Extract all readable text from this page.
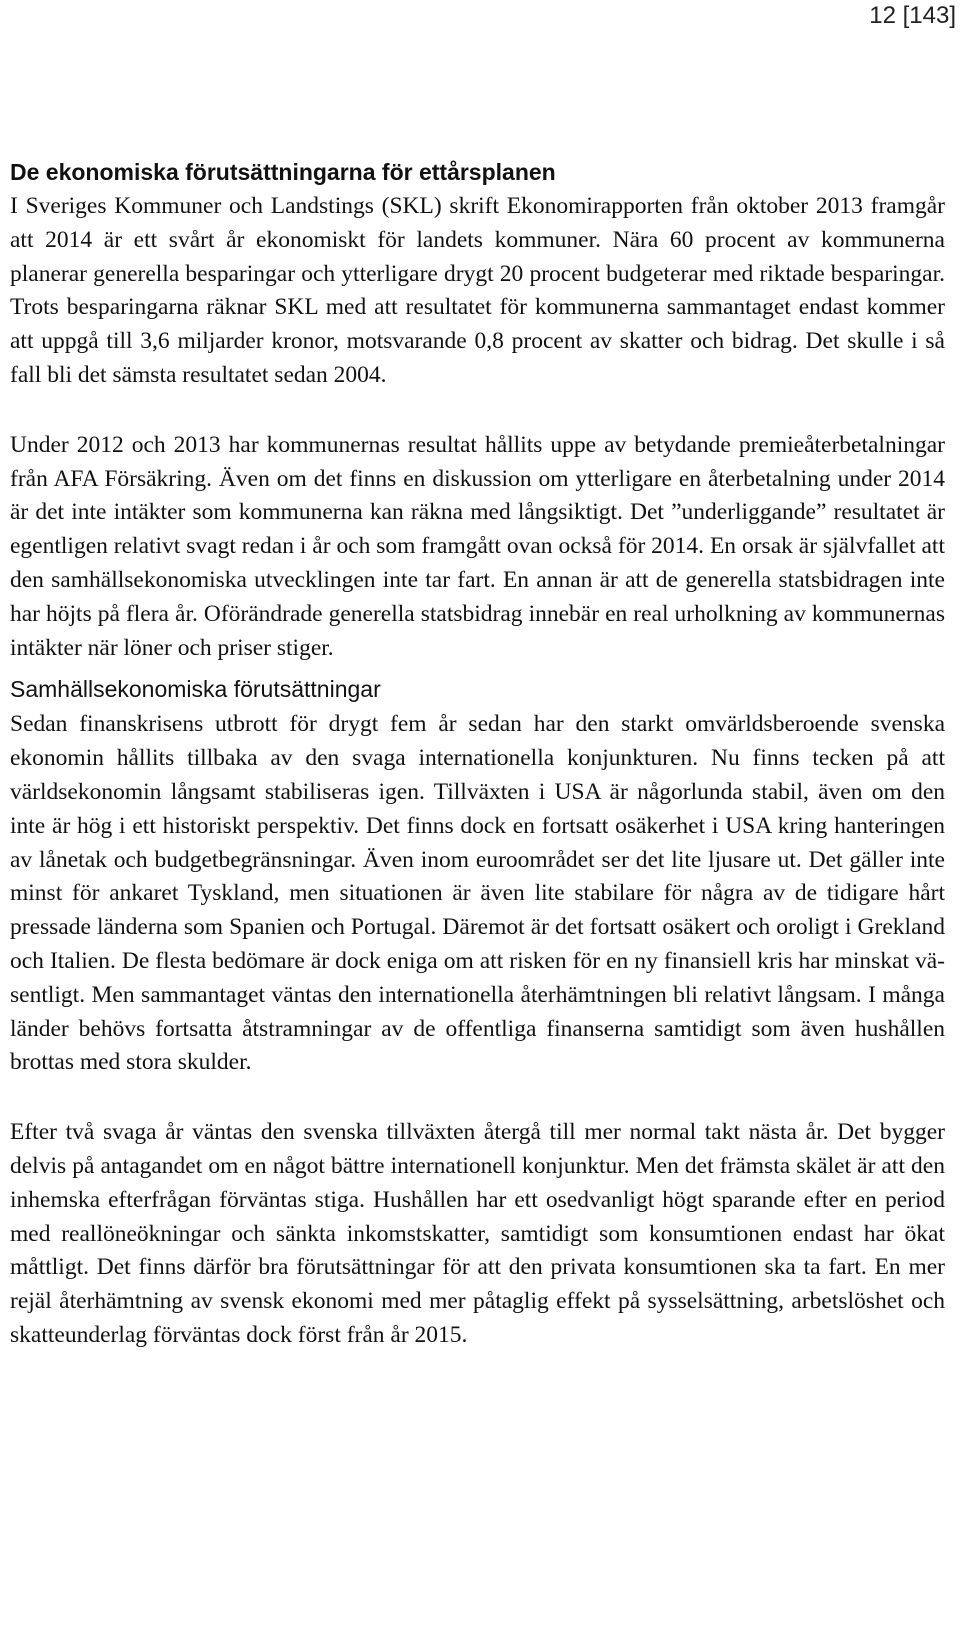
12 [143]
De ekonomiska förutsättningarna för ettårsplanen

I Sveriges Kommuner och Landstings (SKL) skrift Ekonomirapporten från oktober 2013 framgår att 2014 är ett svårt år ekonomiskt för landets kommuner. Nära 60 procent av kommunerna planerar generella besparingar och ytterligare drygt 20 procent budgeterar med riktade besparingar. Trots besparingarna räknar SKL med att resultatet för kommunerna sammantaget endast kommer att uppgå till 3,6 miljarder kronor, motsvarande 0,8 procent av skatter och bidrag. Det skulle i så fall bli det sämsta resultatet sedan 2004.

Under 2012 och 2013 har kommunernas resultat hållits uppe av betydande premieåterbetalningar från AFA Försäkring. Även om det finns en diskussion om ytterligare en återbetalning under 2014 är det inte intäkter som kommunerna kan räkna med långsiktigt. Det ”underliggande” resultatet är egentligen relativt svagt redan i år och som framgått ovan också för 2014. En orsak är självfallet att den samhällsekonomiska utvecklingen inte tar fart. En annan är att de generella statsbidragen inte har höjts på flera år. Oförändrade generella statsbidrag innebär en real urholkning av kommunernas intäkter när löner och priser stiger.

Samhällsekonomiska förutsättningar

Sedan finanskrisens utbrott för drygt fem år sedan har den starkt omvärldsberoende svenska ekonomin hållits tillbaka av den svaga internationella konjunkturen. Nu finns tecken på att världsekonomin långsamt stabiliseras igen. Tillväxten i USA är någorlunda stabil, även om den inte är hög i ett historiskt perspektiv. Det finns dock en fortsatt osäkerhet i USA kring hanteringen av lånetak och budgetbegränsningar. Även inom euroområdet ser det lite ljusare ut. Det gäller inte minst för ankaret Tyskland, men situationen är även lite stabilare för några av de tidigare hårt pressade länderna som Spanien och Portugal. Däremot är det fortsatt osäkert och oroligt i Grekland och Italien. De flesta bedömare är dock eniga om att risken för en ny finansiell kris har minskat väsentligt. Men sammantaget väntas den internationella återhämtningen bli relativt långsam. I många länder behövs fortsatta åtstramningar av de offentliga finanserna samtidigt som även hushållen brottas med stora skulder.

Efter två svaga år väntas den svenska tillväxten återgå till mer normal takt nästa år. Det bygger delvis på antagandet om en något bättre internationell konjunktur. Men det främsta skälet är att den inhemska efterfrågan förväntas stiga. Hushållen har ett osedvanligt högt sparande efter en period med reallöneökningar och sänkta inkomstskatter, samtidigt som konsumtionen endast har ökat måttligt. Det finns därför bra förutsättningar för att den privata konsumtionen ska ta fart. En mer rejäl återhämtning av svensk ekonomi med mer påtaglig effekt på sysselsättning, arbetslöshet och skatteunderlag förväntas dock först från år 2015.
